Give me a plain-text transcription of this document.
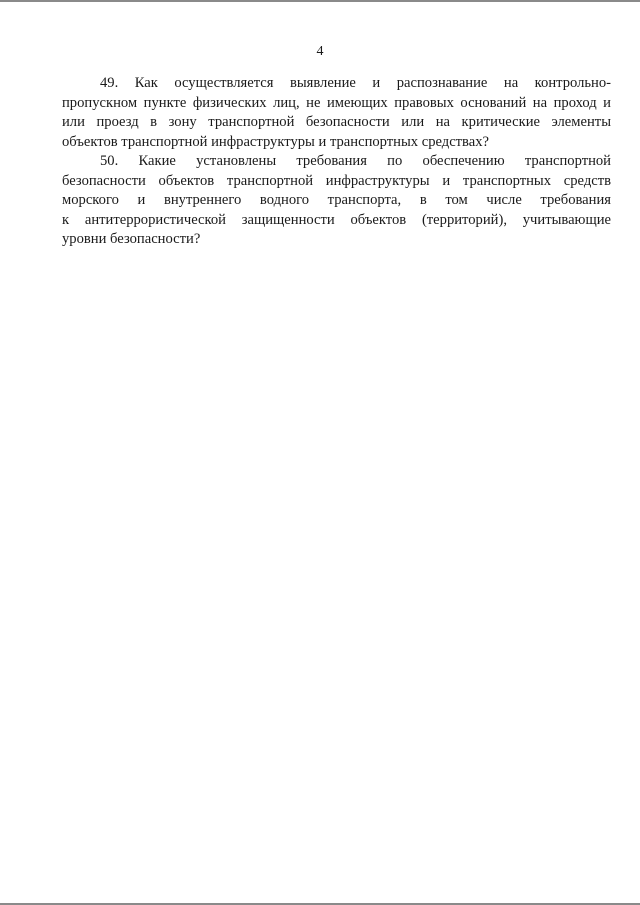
4
49. Как осуществляется выявление и распознавание на контрольно-
пропускном пункте физических лиц, не имеющих правовых оснований на проход и
или проезд в зону транспортной безопасности или на критические элементы
объектов транспортной инфраструктуры и транспортных средствах?
50. Какие установлены требования по обеспечению транспортной
безопасности объектов транспортной инфраструктуры и транспортных средств
морского и внутреннего водного транспорта, в том числе требования
к антитеррористической защищенности объектов (территорий), учитывающие
уровни безопасности?
